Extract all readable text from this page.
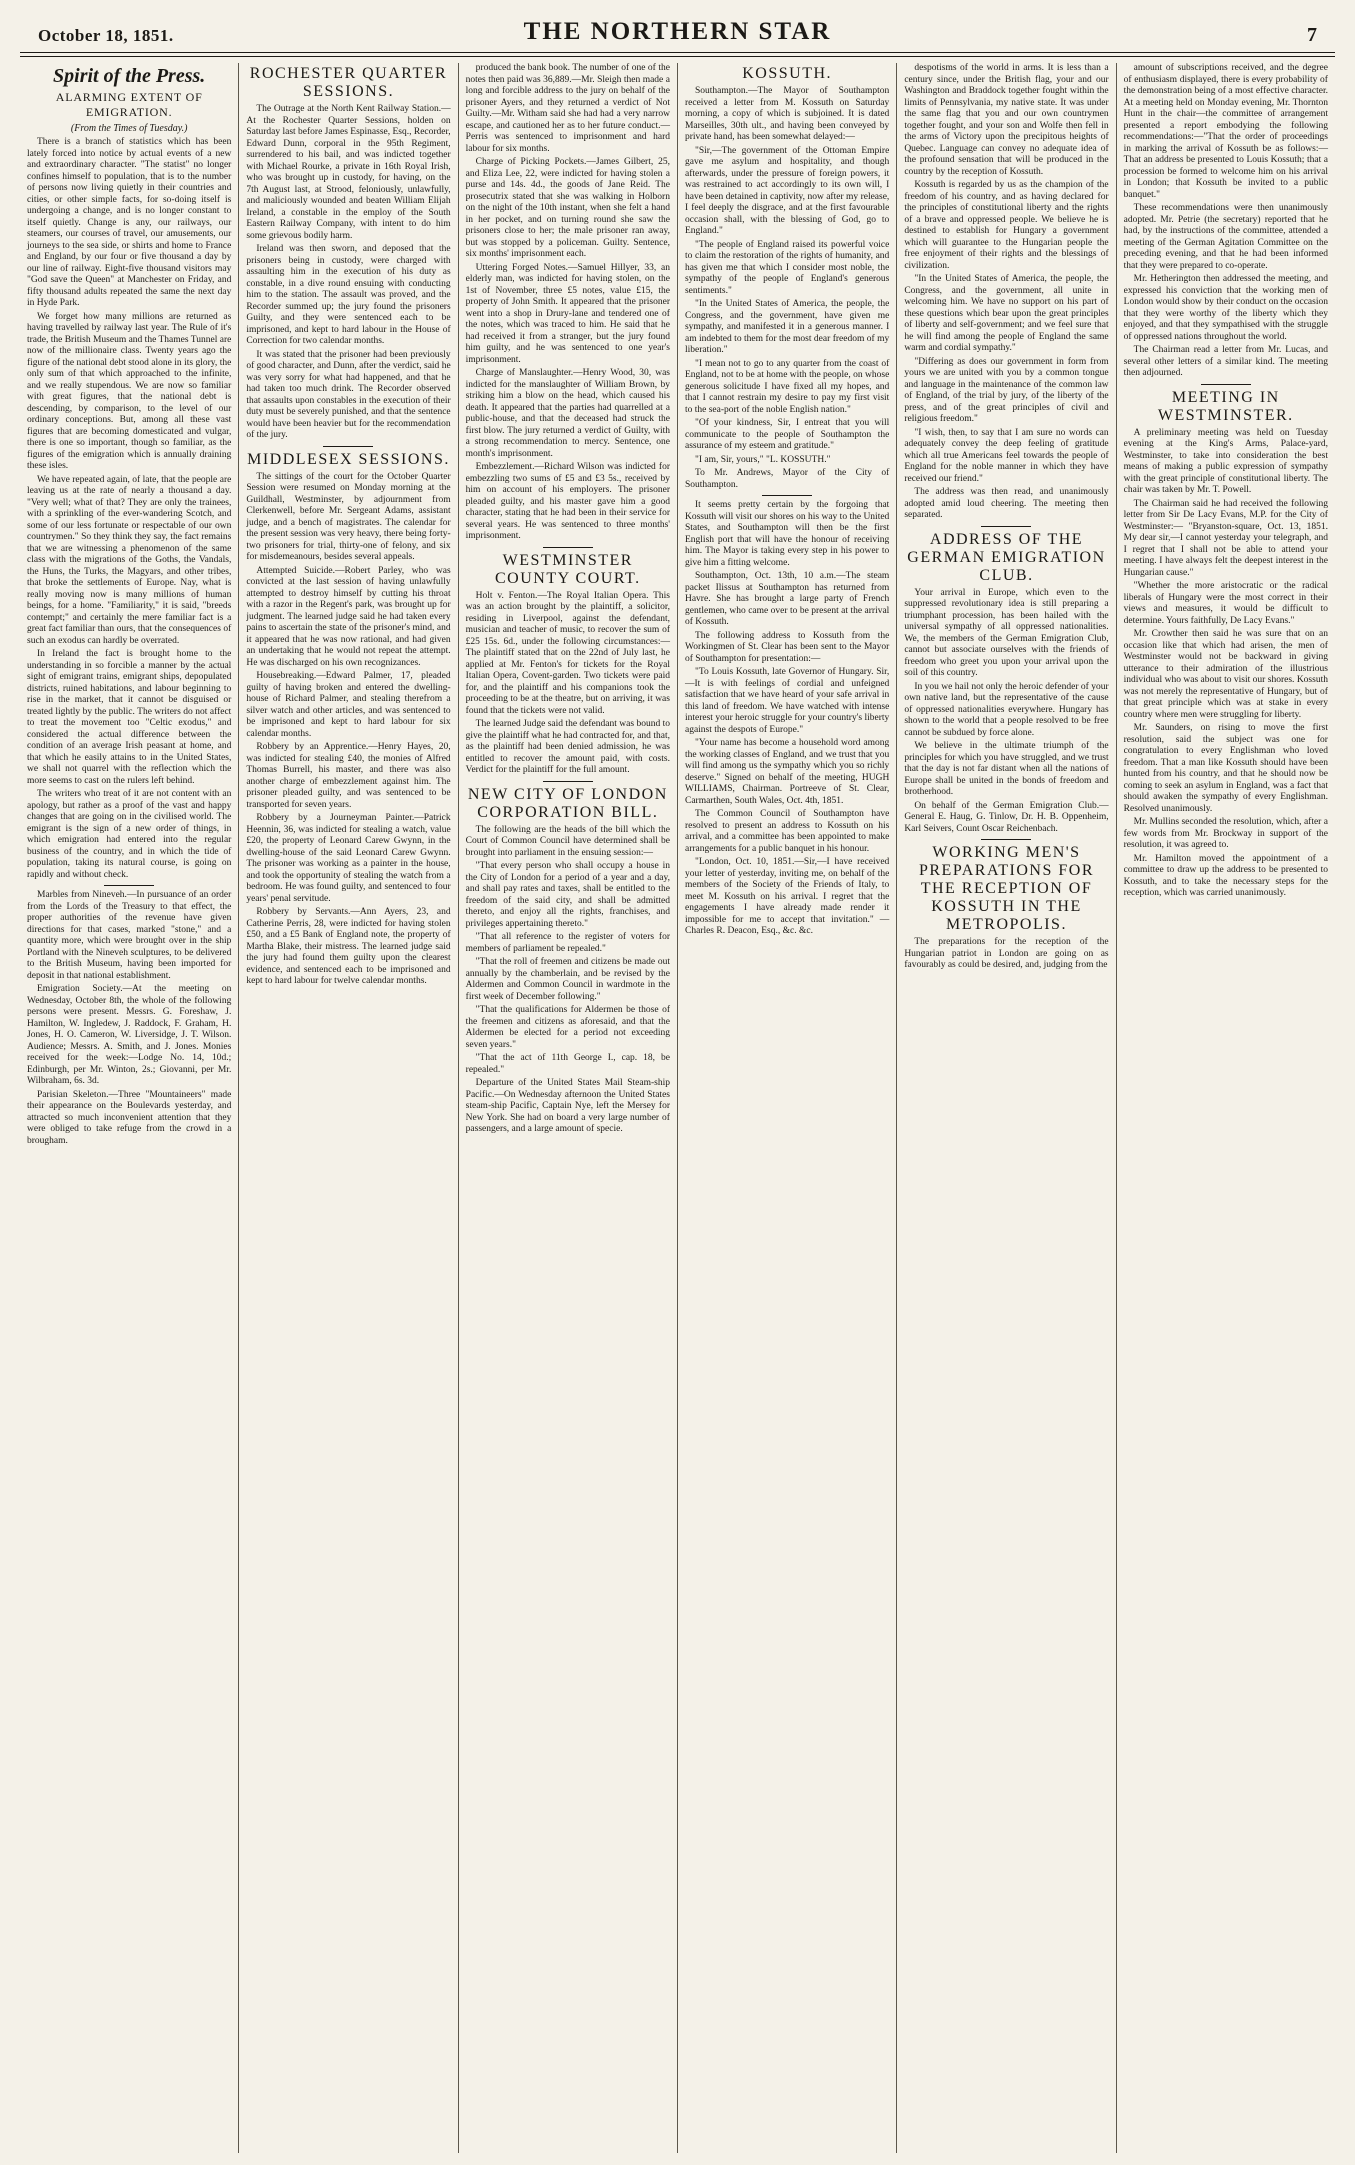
October 18, 1851.	THE NORTHERN STAR	7
Spirit of the Press.
ALARMING EXTENT OF EMIGRATION.
(From the Times of Tuesday.)

There is a branch of statistics which has been lately forced into notice by actual events of a new and extraordinary character. "The statist" no longer confines himself to population, that is to the number of persons now living quietly in their countries and cities, or other simple facts, for so-doing itself is undergoing a change, and is no longer constant to itself quietly. Change is any, our railways, our steamers, our courses of travel, our amusements, our journeys to the sea side, or shirts and home to France and England, by our four or five thousand a day by our line of railway. Eight-five thousand visitors may "God save the Queen" at Manchester on Friday, and fifty thousand adults repeated the same the next day in Hyde Park.

We forget how many millions are returned as having travelled by railway last year. The Rule of it's trade, the British Museum and the Thames Tunnel are now of the millionaire class. Twenty years ago the figure of the national debt stood alone in its glory, the only sum of that which approached to the infinite, and we really stupendous. We are now so familiar with great figures, that the national debt is descending, by comparison, to the level of our ordinary conceptions. But, among all these vast figures that are becoming domesticated and vulgar, there is one so important, though so familiar, as the figures of the emigration which is annually draining these isles.

We have repeated again, of late, that the people are leaving us at the rate of nearly a thousand a day. "Very well; what of that? They are only the trainees, with a sprinkling of the ever-wandering Scotch, and some of our less fortunate or respectable of our own countrymen." So they think they say, the fact remains that we are witnessing a phenomenon of the same class with the migrations of the Goths, the Vandals, the Huns, the Turks, the Magyars, and other tribes, that broke the settlements of Europe. Nay, what is really moving now is many millions of human beings, for a home. "Familiarity," it is said, "breeds contempt;" and certainly the mere familiar fact is a great fact familiar than ours, that the consequences of such an exodus can hardly be overrated.

In Ireland the fact is brought home to the understanding in so forcible a manner by the actual sight of emigrant trains, emigrant ships, depopulated districts, ruined habitations, and labour beginning to rise in the market, that it cannot be disguised or treated lightly by the public. The writers do not affect to treat the movement too "Celtic exodus," and considered the actual difference between the condition of an average Irish peasant at home, and that which he easily attains to in the United States, we shall not quarrel with the reflection which the more seems to cast on the rulers left behind.

The writers who treat of it are not content with an apology, but rather as a proof of the vast and happy changes that are going on in the civilised world. The emigrant is the sign of a new order of things, in which emigration had entered into the regular business of the country, and in which the tide of population, taking its natural course, is going on rapidly and without check.

Marbles from Nineveh.—In pursuance of an order from the Lords of the Treasury to that effect, the proper authorities of the revenue have given directions for that cases, marked "stone," and a quantity more, which were brought over in the ship Portland with the Nineveh sculptures, to be delivered to the British Museum, having been imported for deposit in that national establishment.

Emigration Society.—At the meeting on Wednesday, October 8th, the whole of the following persons were present. Messrs. G. Foreshaw, J. Hamilton, W. Ingledew, J. Raddock, F. Graham, H. Jones, H. O. Cameron, W. Liversidge, J. T. Wilson. Audience; Messrs. A. Smith, and J. Jones. Monies received for the week:—Lodge No. 14, 10d.; Edinburgh, per Mr. Winton, 2s.; Giovanni, per Mr. Wilbraham, 6s. 3d.

Parisian Skeleton.—Three "Mountaineers" made their appearance on the Boulevards yesterday, and attracted so much inconvenient attention that they were obliged to take refuge from the crowd in a brougham.

ROCHESTER QUARTER SESSIONS.

The Outrage at the North Kent Railway Station.—At the Rochester Quarter Sessions, holden on Saturday last before James Espinasse, Esq., Recorder, Edward Dunn, corporal in the 95th Regiment, surrendered to his bail, and was indicted together with Michael Rourke, a private in 16th Royal Irish, who was brought up in custody, for having, on the 7th August last, at Strood, feloniously, unlawfully, and maliciously wounded and beaten William Elijah Ireland, a constable in the employ of the South Eastern Railway Company, with intent to do him some grievous bodily harm.

Ireland was then sworn, and deposed that the prisoners being in custody, were charged with assaulting him in the execution of his duty as constable, in a dive round ensuing with conducting him to the station. The assault was proved, and the Recorder summed up; the jury found the prisoners Guilty, and they were sentenced each to be imprisoned, and kept to hard labour in the House of Correction for two calendar months.

It was stated that the prisoner had been previously of good character, and Dunn, after the verdict, said he was very sorry for what had happened, and that he had taken too much drink. The Recorder observed that assaults upon constables in the execution of their duty must be severely punished, and that the sentence would have been heavier but for the recommendation of the jury.

MIDDLESEX SESSIONS.

The sittings of the court for the October Quarter Session were resumed on Monday morning at the Guildhall, Westminster, by adjournment from Clerkenwell, before Mr. Sergeant Adams, assistant judge, and a bench of magistrates. The calendar for the present session was very heavy, there being forty-two prisoners for trial, thirty-one of felony, and six for misdemeanours, besides several appeals.

Attempted Suicide.—Robert Parley, who was convicted at the last session of having unlawfully attempted to destroy himself by cutting his throat with a razor in the Regent's park, was brought up for judgment. The learned judge said he had taken every pains to ascertain the state of the prisoner's mind, and it appeared that he was now rational, and had given an undertaking that he would not repeat the attempt. He was discharged on his own recognizances.

Housebreaking.—Edward Palmer, 17, pleaded guilty of having broken and entered the dwelling-house of Richard Palmer, and stealing therefrom a silver watch and other articles, and was sentenced to be imprisoned and kept to hard labour for six calendar months.

Robbery by an Apprentice.—Henry Hayes, 20, was indicted for stealing £40, the monies of Alfred Thomas Burrell, his master, and there was also another charge of embezzlement against him. The prisoner pleaded guilty, and was sentenced to be transported for seven years.

Robbery by a Journeyman Painter.—Patrick Heennin, 36, was indicted for stealing a watch, value £20, the property of Leonard Carew Gwynn, in the dwelling-house of the said Leonard Carew Gwynn. The prisoner was working as a painter in the house, and took the opportunity of stealing the watch from a bedroom. He was found guilty, and sentenced to four years' penal servitude.

Robbery by Servants.—Ann Ayers, 23, and Catherine Perris, 28, were indicted for having stolen £50, and a £5 Bank of England note, the property of Martha Blake, their mistress. The learned judge said the jury had found them guilty upon the clearest evidence, and sentenced each to be imprisoned and kept to hard labour for twelve calendar months.

produced the bank book. The number of one of the notes then paid was 36,889.—Mr. Sleigh then made a long and forcible address to the jury on behalf of the prisoner Ayers, and they returned a verdict of Not Guilty.—Mr. Witham said she had had a very narrow escape, and cautioned her as to her future conduct.—Perris was sentenced to imprisonment and hard labour for six months.

Charge of Picking Pockets.—James Gilbert, 25, and Eliza Lee, 22, were indicted for having stolen a purse and 14s. 4d., the goods of Jane Reid. The prosecutrix stated that she was walking in Holborn on the night of the 10th instant, when she felt a hand in her pocket, and on turning round she saw the prisoners close to her; the male prisoner ran away, but was stopped by a policeman. Guilty. Sentence, six months' imprisonment each.

Uttering Forged Notes.—Samuel Hillyer, 33, an elderly man, was indicted for having stolen, on the 1st of November, three £5 notes, value £15, the property of John Smith. It appeared that the prisoner went into a shop in Drury-lane and tendered one of the notes, which was traced to him. He said that he had received it from a stranger, but the jury found him guilty, and he was sentenced to one year's imprisonment.

Charge of Manslaughter.—Henry Wood, 30, was indicted for the manslaughter of William Brown, by striking him a blow on the head, which caused his death. It appeared that the parties had quarrelled at a public-house, and that the deceased had struck the first blow. The jury returned a verdict of Guilty, with a strong recommendation to mercy. Sentence, one month's imprisonment.

Embezzlement.—Richard Wilson was indicted for embezzling two sums of £5 and £3 5s., received by him on account of his employers. The prisoner pleaded guilty, and his master gave him a good character, stating that he had been in their service for several years. He was sentenced to three months' imprisonment.

WESTMINSTER COUNTY COURT.

Holt v. Fenton.—The Royal Italian Opera. This was an action brought by the plaintiff, a solicitor, residing in Liverpool, against the defendant, musician and teacher of music, to recover the sum of £25 15s. 6d., under the following circumstances:—The plaintiff stated that on the 22nd of July last, he applied at Mr. Fenton's for tickets for the Royal Italian Opera, Covent-garden. Two tickets were paid for, and the plaintiff and his companions took the proceeding to be at the theatre, but on arriving, it was found that the tickets were not valid.

The learned Judge said the defendant was bound to give the plaintiff what he had contracted for, and that, as the plaintiff had been denied admission, he was entitled to recover the amount paid, with costs. Verdict for the plaintiff for the full amount.

NEW CITY OF LONDON CORPORATION BILL.

The following are the heads of the bill which the Court of Common Council have determined shall be brought into parliament in the ensuing session:—

"That every person who shall occupy a house in the City of London for a period of a year and a day, and shall pay rates and taxes, shall be entitled to the freedom of the said city, and shall be admitted thereto, and enjoy all the rights, franchises, and privileges appertaining thereto."

"That all reference to the register of voters for members of parliament be repealed."

"That the roll of freemen and citizens be made out annually by the chamberlain, and be revised by the Aldermen and Common Council in wardmote in the first week of December following."

"That the qualifications for Aldermen be those of the freemen and citizens as aforesaid, and that the Aldermen be elected for a period not exceeding seven years."

"That the act of 11th George I., cap. 18, be repealed."

Departure of the United States Mail Steam-ship Pacific.—On Wednesday afternoon the United States steam-ship Pacific, Captain Nye, left the Mersey for New York. She had on board a very large number of passengers, and a large amount of specie.

KOSSUTH.

Southampton.—The Mayor of Southampton received a letter from M. Kossuth on Saturday morning, a copy of which is subjoined. It is dated Marseilles, 30th ult., and having been conveyed by private hand, has been somewhat delayed:—

"Sir,—The government of the Ottoman Empire gave me asylum and hospitality, and though afterwards, under the pressure of foreign powers, it was restrained to act accordingly to its own will, I have been detained in captivity, now after my release, I feel deeply the disgrace, and at the first favourable occasion shall, with the blessing of God, go to England."

"The people of England raised its powerful voice to claim the restoration of the rights of humanity, and has given me that which I consider most noble, the sympathy of the people of England's generous sentiments."

"In the United States of America, the people, the Congress, and the government, have given me sympathy, and manifested it in a generous manner. I am indebted to them for the most dear freedom of my liberation."

"I mean not to go to any quarter from the coast of England, not to be at home with the people, on whose generous solicitude I have fixed all my hopes, and that I cannot restrain my desire to pay my first visit to the sea-port of the noble English nation."

"Of your kindness, Sir, I entreat that you will communicate to the people of Southampton the assurance of my esteem and gratitude."

"I am, Sir, yours," "L. KOSSUTH."

To Mr. Andrews, Mayor of the City of Southampton.

It seems pretty certain by the forgoing that Kossuth will visit our shores on his way to the United States, and Southampton will then be the first English port that will have the honour of receiving him. The Mayor is taking every step in his power to give him a fitting welcome.

Southampton, Oct. 13th, 10 a.m.—The steam packet Ilissus at Southampton has returned from Havre. She has brought a large party of French gentlemen, who came over to be present at the arrival of Kossuth.

The following address to Kossuth from the Workingmen of St. Clear has been sent to the Mayor of Southampton for presentation:—

"To Louis Kossuth, late Governor of Hungary. Sir,—It is with feelings of cordial and unfeigned satisfaction that we have heard of your safe arrival in this land of freedom. We have watched with intense interest your heroic struggle for your country's liberty against the despots of Europe."

"Your name has become a household word among the working classes of England, and we trust that you will find among us the sympathy which you so richly deserve." Signed on behalf of the meeting, HUGH WILLIAMS, Chairman. Portreeve of St. Clear, Carmarthen, South Wales, Oct. 4th, 1851.

The Common Council of Southampton have resolved to present an address to Kossuth on his arrival, and a committee has been appointed to make arrangements for a public banquet in his honour.

"London, Oct. 10, 1851.—Sir,—I have received your letter of yesterday, inviting me, on behalf of the members of the Society of the Friends of Italy, to meet M. Kossuth on his arrival. I regret that the engagements I have already made render it impossible for me to accept that invitation." — Charles R. Deacon, Esq., &c. &c.

despotisms of the world in arms. It is less than a century since, under the British flag, your and our Washington and Braddock together fought within the limits of Pennsylvania, my native state. It was under the same flag that you and our own countrymen together fought, and your son and Wolfe then fell in the arms of Victory upon the precipitous heights of Quebec. Language can convey no adequate idea of the profound sensation that will be produced in the country by the reception of Kossuth.

Kossuth is regarded by us as the champion of the freedom of his country, and as having declared for the principles of constitutional liberty and the rights of a brave and oppressed people. We believe he is destined to establish for Hungary a government which will guarantee to the Hungarian people the free enjoyment of their rights and the blessings of civilization.

"In the United States of America, the people, the Congress, and the government, all unite in welcoming him. We have no support on his part of these questions which bear upon the great principles of liberty and self-government; and we feel sure that he will find among the people of England the same warm and cordial sympathy."

"Differing as does our government in form from yours we are united with you by a common tongue and language in the maintenance of the common law of England, of the trial by jury, of the liberty of the press, and of the great principles of civil and religious freedom."

"I wish, then, to say that I am sure no words can adequately convey the deep feeling of gratitude which all true Americans feel towards the people of England for the noble manner in which they have received our friend."

The address was then read, and unanimously adopted amid loud cheering. The meeting then separated.

ADDRESS OF THE GERMAN EMIGRATION CLUB.

Your arrival in Europe, which even to the suppressed revolutionary idea is still preparing a triumphant procession, has been hailed with the universal sympathy of all oppressed nationalities. We, the members of the German Emigration Club, cannot but associate ourselves with the friends of freedom who greet you upon your arrival upon the soil of this country.

In you we hail not only the heroic defender of your own native land, but the representative of the cause of oppressed nationalities everywhere. Hungary has shown to the world that a people resolved to be free cannot be subdued by force alone.

We believe in the ultimate triumph of the principles for which you have struggled, and we trust that the day is not far distant when all the nations of Europe shall be united in the bonds of freedom and brotherhood.

On behalf of the German Emigration Club.— General E. Haug, G. Tinlow, Dr. H. B. Oppenheim, Karl Seivers, Count Oscar Reichenbach.

WORKING MEN'S PREPARATIONS FOR THE RECEPTION OF KOSSUTH IN THE METROPOLIS.

The preparations for the reception of the Hungarian patriot in London are going on as favourably as could be desired, and, judging from the

amount of subscriptions received, and the degree of enthusiasm displayed, there is every probability of the demonstration being of a most effective character. At a meeting held on Monday evening, Mr. Thornton Hunt in the chair—the committee of arrangement presented a report embodying the following recommendations:—"That the order of proceedings in marking the arrival of Kossuth be as follows:—That an address be presented to Louis Kossuth; that a procession be formed to welcome him on his arrival in London; that Kossuth be invited to a public banquet."

These recommendations were then unanimously adopted. Mr. Petrie (the secretary) reported that he had, by the instructions of the committee, attended a meeting of the German Agitation Committee on the preceding evening, and that he had been informed that they were prepared to co-operate.

Mr. Hetherington then addressed the meeting, and expressed his conviction that the working men of London would show by their conduct on the occasion that they were worthy of the liberty which they enjoyed, and that they sympathised with the struggle of oppressed nations throughout the world.

The Chairman read a letter from Mr. Lucas, and several other letters of a similar kind. The meeting then adjourned.

MEETING IN WESTMINSTER.

A preliminary meeting was held on Tuesday evening at the King's Arms, Palace-yard, Westminster, to take into consideration the best means of making a public expression of sympathy with the great principle of constitutional liberty. The chair was taken by Mr. T. Powell.

The Chairman said he had received the following letter from Sir De Lacy Evans, M.P. for the City of Westminster:— "Bryanston-square, Oct. 13, 1851. My dear sir,—I cannot yesterday your telegraph, and I regret that I shall not be able to attend your meeting. I have always felt the deepest interest in the Hungarian cause."

"Whether the more aristocratic or the radical liberals of Hungary were the most correct in their views and measures, it would be difficult to determine. Yours faithfully, De Lacy Evans."

Mr. Crowther then said he was sure that on an occasion like that which had arisen, the men of Westminster would not be backward in giving utterance to their admiration of the illustrious individual who was about to visit our shores. Kossuth was not merely the representative of Hungary, but of that great principle which was at stake in every country where men were struggling for liberty.

Mr. Saunders, on rising to move the first resolution, said the subject was one for congratulation to every Englishman who loved freedom. That a man like Kossuth should have been hunted from his country, and that he should now be coming to seek an asylum in England, was a fact that should awaken the sympathy of every Englishman. Resolved unanimously.

Mr. Mullins seconded the resolution, which, after a few words from Mr. Brockway in support of the resolution, it was agreed to.

Mr. Hamilton moved the appointment of a committee to draw up the address to be presented to Kossuth, and to take the necessary steps for the reception, which was carried unanimously.
